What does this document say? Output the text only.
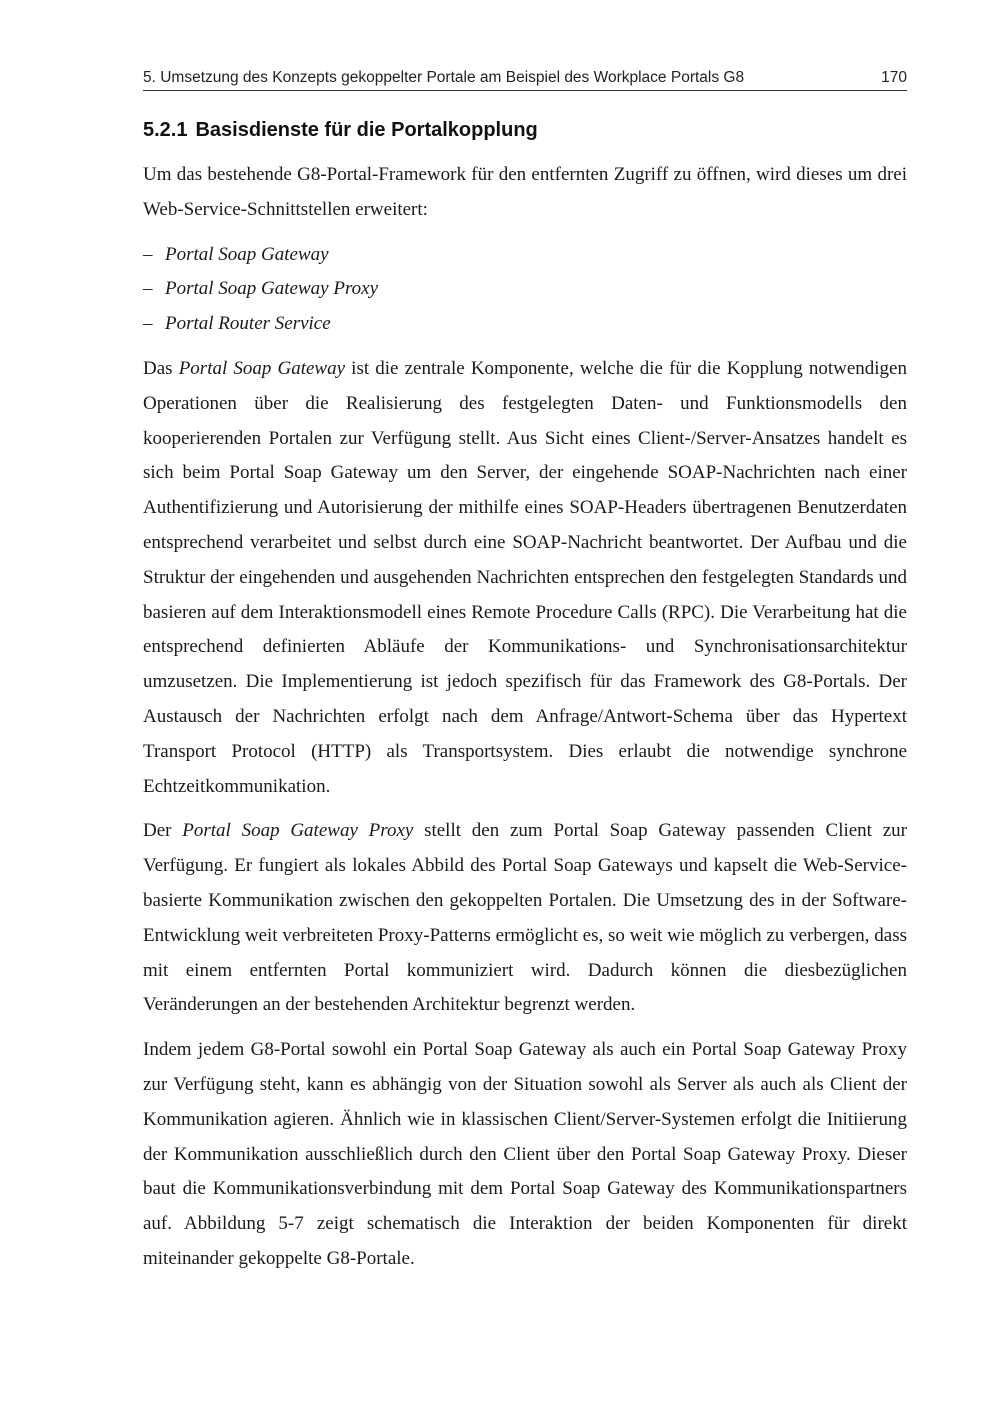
5. Umsetzung des Konzepts gekoppelter Portale am Beispiel des Workplace Portals G8	170
5.2.1 Basisdienste für die Portalkopplung

Um das bestehende G8-Portal-Framework für den entfernten Zugriff zu öffnen, wird dieses um drei Web-Service-Schnittstellen erweitert:

– Portal Soap Gateway
– Portal Soap Gateway Proxy
– Portal Router Service

Das Portal Soap Gateway ist die zentrale Komponente, welche die für die Kopplung notwendigen Operationen über die Realisierung des festgelegten Daten- und Funktionsmodells den kooperierenden Portalen zur Verfügung stellt. Aus Sicht eines Client-/Server-Ansatzes handelt es sich beim Portal Soap Gateway um den Server, der eingehende SOAP-Nachrichten nach einer Authentifizierung und Autorisierung der mithilfe eines SOAP-Headers übertragenen Benutzerdaten entsprechend verarbeitet und selbst durch eine SOAP-Nachricht beantwortet. Der Aufbau und die Struktur der eingehenden und ausgehenden Nachrichten entsprechen den festgelegten Standards und basieren auf dem Interaktionsmodell eines Remote Procedure Calls (RPC). Die Verarbeitung hat die entsprechend definierten Abläufe der Kommunikations- und Synchronisationsarchitektur umzusetzen. Die Implementierung ist jedoch spezifisch für das Framework des G8-Portals. Der Austausch der Nachrichten erfolgt nach dem Anfrage/Antwort-Schema über das Hypertext Transport Protocol (HTTP) als Transportsystem. Dies erlaubt die notwendige synchrone Echtzeitkommunikation.

Der Portal Soap Gateway Proxy stellt den zum Portal Soap Gateway passenden Client zur Verfügung. Er fungiert als lokales Abbild des Portal Soap Gateways und kapselt die Web-Service-basierte Kommunikation zwischen den gekoppelten Portalen. Die Umsetzung des in der Software-Entwicklung weit verbreiteten Proxy-Patterns ermöglicht es, so weit wie möglich zu verbergen, dass mit einem entfernten Portal kommuniziert wird. Dadurch können die diesbezüglichen Veränderungen an der bestehenden Architektur begrenzt werden.

Indem jedem G8-Portal sowohl ein Portal Soap Gateway als auch ein Portal Soap Gateway Proxy zur Verfügung steht, kann es abhängig von der Situation sowohl als Server als auch als Client der Kommunikation agieren. Ähnlich wie in klassischen Client/Server-Systemen erfolgt die Initiierung der Kommunikation ausschließlich durch den Client über den Portal Soap Gateway Proxy. Dieser baut die Kommunikationsverbindung mit dem Portal Soap Gateway des Kommunikationspartners auf. Abbildung 5-7 zeigt schematisch die Interaktion der beiden Komponenten für direkt miteinander gekoppelte G8-Portale.
